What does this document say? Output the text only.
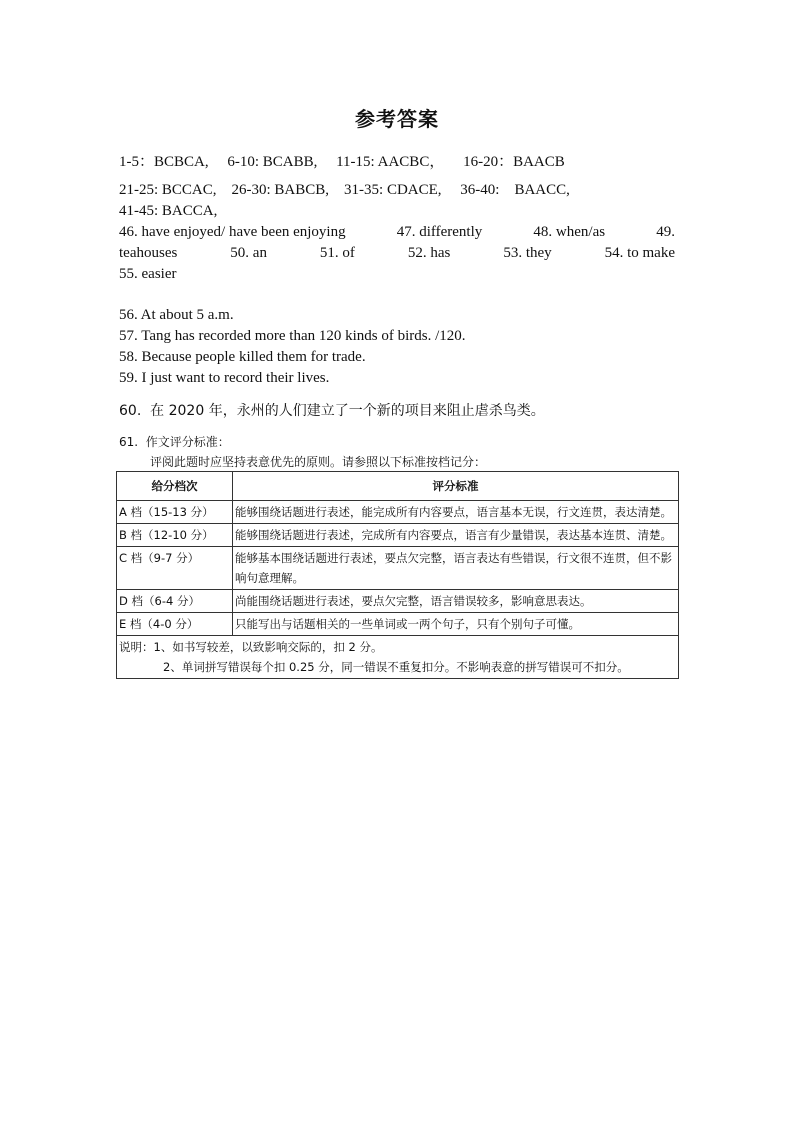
参考答案
1-5：BCBCA,     6-10: BCABB,     11-15: AACBC，     16-20：BAACB
21-25: BCCAC,    26-30: BABCB,    31-35: CDACE,     36-40:    BAACC,
41-45: BACCA,
46. have enjoyed/ have been enjoying	47. differently	48. when/as	49.
teahouses	50. an	51. of	52. has	53. they	54. to make
55. easier
56. At about 5 a.m.
57. Tang has recorded more than 120 kinds of birds. /120.
58. Because people killed them for trade.
59. I just want to record their lives.
60.  在 2020 年，永州的人们建立了一个新的项目来阻止虐杀鸟类。
61.  作文评分标准：
评阅此题时应坚持表意优先的原则。请参照以下标准按档记分：
给分档次	评分标准
A 档（15-13 分）	能够围绕话题进行表述，能完成所有内容要点，语言基本无误，行文连贯，表达清楚。
B 档（12-10 分）	能够围绕话题进行表述，完成所有内容要点，语言有少量错误，表达基本连贯、清楚。
C 档（9-7 分）	能够基本围绕话题进行表述，要点欠完整，语言表达有些错误，行文很不连贯，但不影响句意理解。
D 档（6-4 分）	尚能围绕话题进行表述，要点欠完整，语言错误较多，影响意思表达。
E 档（4-0 分）	只能写出与话题相关的一些单词或一两个句子，只有个别句子可懂。

说明：1、如书写较差，以致影响交际的，扣 2 分。
2、单词拼写错误每个扣 0.25 分，同一错误不重复扣分。不影响表意的拼写错误可不扣分。	
